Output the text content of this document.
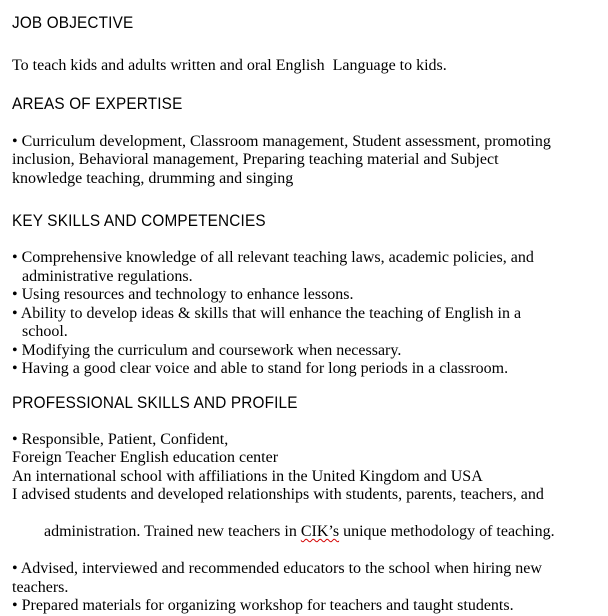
JOB OBJECTIVE
To teach kids and adults written and oral English  Language to kids.
AREAS OF EXPERTISE
• Curriculum development, Classroom management, Student assessment, promoting
inclusion, Behavioral management, Preparing teaching material and Subject
knowledge teaching, drumming and singing
KEY SKILLS AND COMPETENCIES
• Comprehensive knowledge of all relevant teaching laws, academic policies, and
administrative regulations.
• Using resources and technology to enhance lessons.
• Ability to develop ideas & skills that will enhance the teaching of English in a
school.
• Modifying the curriculum and coursework when necessary.
• Having a good clear voice and able to stand for long periods in a classroom.
PROFESSIONAL SKILLS AND PROFILE
• Responsible, Patient, Confident,
Foreign Teacher English education center
An international school with affiliations in the United Kingdom and USA
I advised students and developed relationships with students, parents, teachers, and

administration. Trained new teachers in CIK’s unique methodology of teaching.

• Advised, interviewed and recommended educators to the school when hiring new
teachers.
• Prepared materials for organizing workshop for teachers and taught students.
